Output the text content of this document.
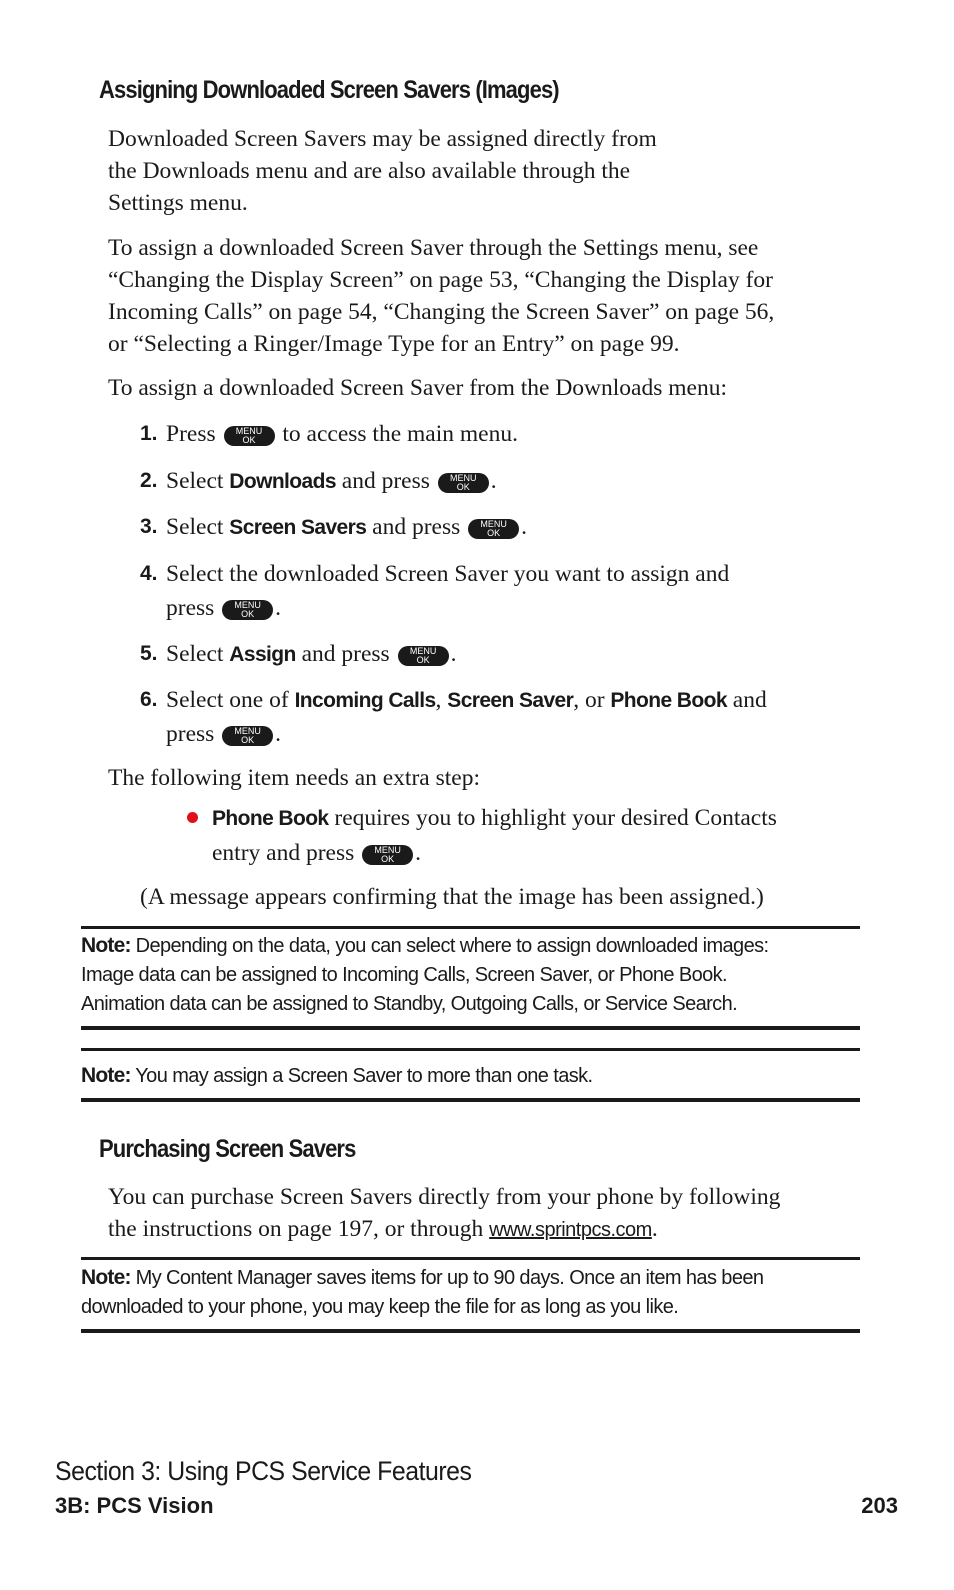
Assigning Downloaded Screen Savers (Images)
Downloaded Screen Savers may be assigned directly from
the Downloads menu and are also available through the
Settings menu.
To assign a downloaded Screen Saver through the Settings menu, see
“Changing the Display Screen” on page 53, “Changing the Display for
Incoming Calls” on page 54, “Changing the Screen Saver” on page 56,
or “Selecting a Ringer/Image Type for an Entry” on page 99.
To assign a downloaded Screen Saver from the Downloads menu:
1. Press	MENU
OK	to access the main menu.
2. Select Downloads and press	MENU
OK .
3. Select Screen Savers and press	MENU
OK .
4. Select the downloaded Screen Saver you want to assign and
press	MENU
OK .
5. Select Assign and press	MENU
OK .
6. Select one of Incoming Calls, Screen Saver, or Phone Book and
press	MENU
OK .
The following item needs an extra step:
Phone Book requires you to highlight your desired Contacts
entry and press	MENU
OK .
(A message appears confirming that the image has been assigned.)
Note: Depending on the data, you can select where to assign downloaded images:
Image data can be assigned to Incoming Calls, Screen Saver, or Phone Book.
Animation data can be assigned to Standby, Outgoing Calls, or Service Search.
Note: You may assign a Screen Saver to more than one task.
Purchasing Screen Savers
You can purchase Screen Savers directly from your phone by following
the instructions on page 197, or through www.sprintpcs.com.
Note: My Content Manager saves items for up to 90 days. Once an item has been
downloaded to your phone, you may keep the file for as long as you like.
Section 3: Using PCS Service Features
3B: PCS Vision	203
